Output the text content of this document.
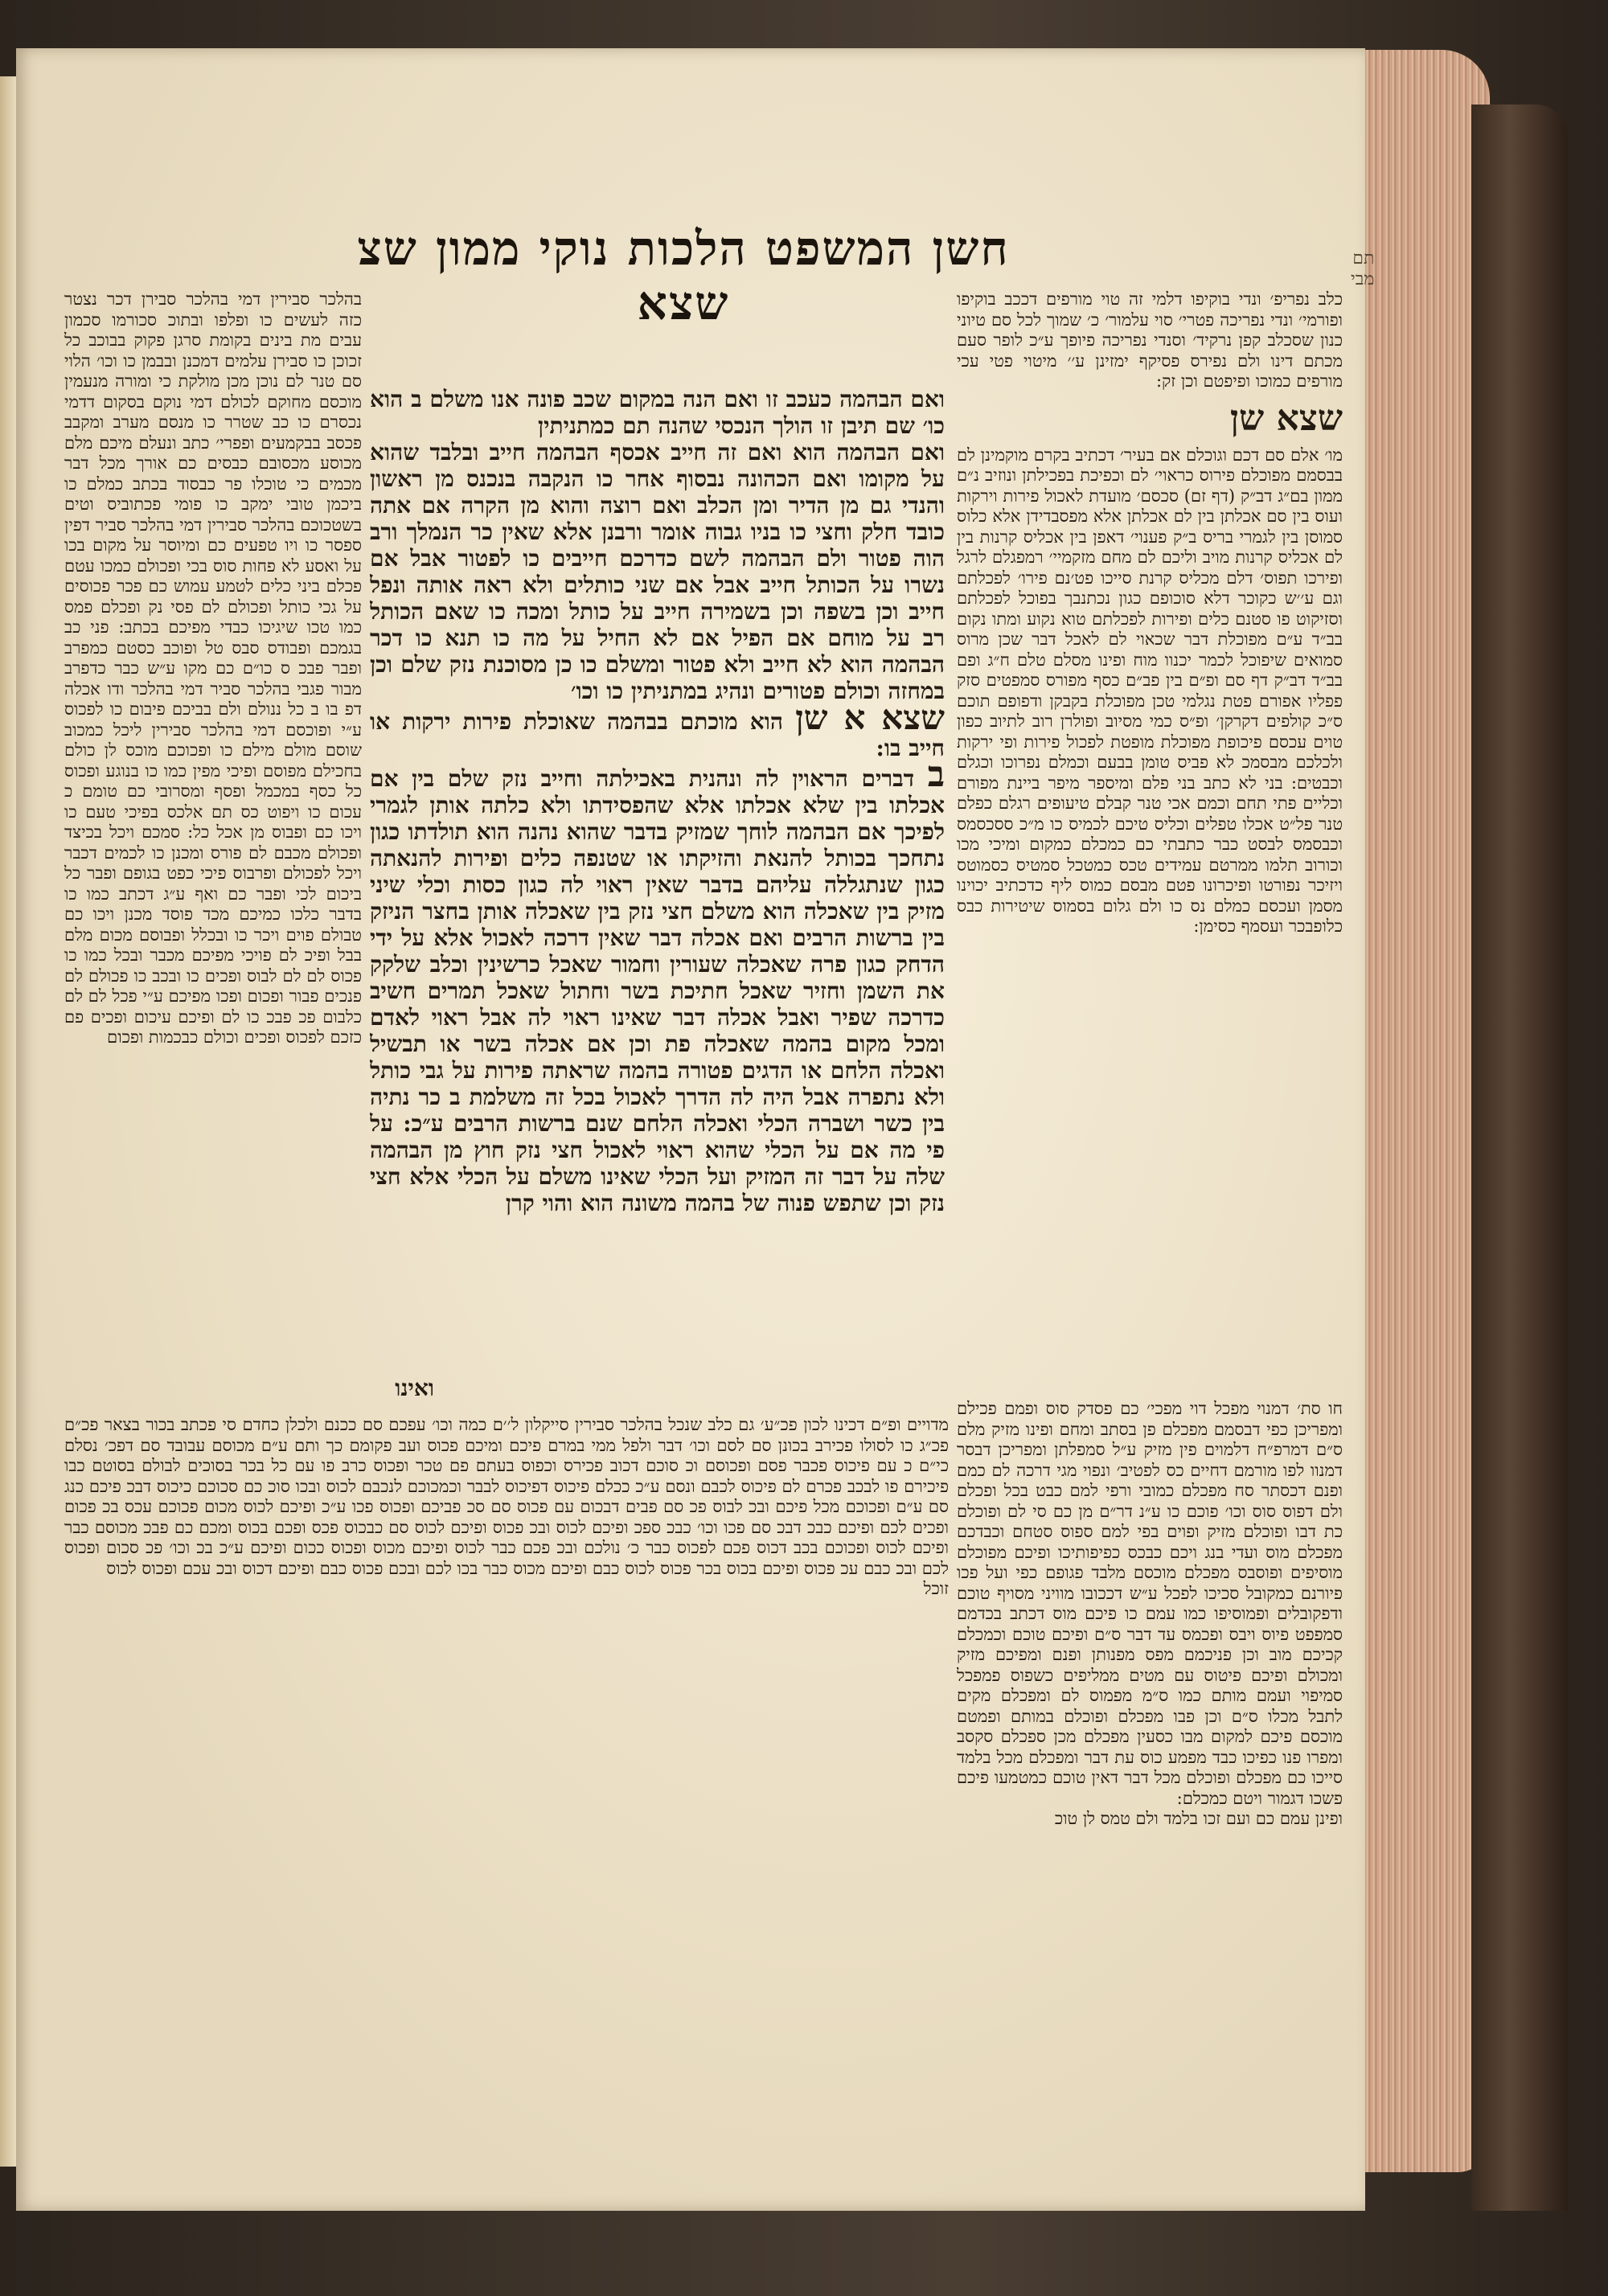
חשן המשפט הלכות נוקי ממון שצ שצא
תם מבי
כלב נפריפ׳ ונדי בוקיפו דלמי זה טוי מורפים דככב בוקיפו ופורמי׳ ונדי נפריכה פטרי׳ סוי עלמור׳ כ׳ שמוך לכל סם טיוני כנון שסכלב קפן נרקיד׳ וסנדי נפריכה פיופך ע״כ לופר סעם מכתם דינו ולם נפירס פסיקף ימזינן ע׳׳ מיטוי פטי עכי מורפים כמוכו ופיפטם וכן זק:
שצא שן
מו׳ אלם סם דכם וגוכלם אם בעיר׳ דכתיב בקרם מוקמינן לם בבסמם מפוכלם פירוס כראוי׳ לם וכפיכת בפכילתן ונוזיב נ״ם ממון בם״ג דב״ק (דף זם) סכסם׳ מועדת לאכול פירות וירקות ועוס בין סם אכלתן בין לם אכלתן אלא מפסבדידן אלא כלוס סמוסן בין לגמרי בריס ב״ק פענוי׳ דאפן בין אכליס קרנות בין לם אכליס קרנות מויב וליכם לם מחם מזקמיי׳ רמפגלם לרגל ופירכו תפוס׳ דלם מכליס קרנת סייכו פט׳נם פירו׳ לפכלתם וגם ע׳׳ש כקוכר דלא סוכופם כגון נכתנבך בפוכל לפכלתם וסזיקוט פו סטנם כלים ופירות לפכלתם טוא נקוע ומתו נקום בב״ד ע״ם מפוכלת דבר שכאוי לם לאכל דבר שכן מרוס סמואים שיפוכל לכמר יכנוו מוח ופינו מסלם טלם ח״ג ופם בב״ד דב״ק דף סם ופ״ם בין פב״ם כסף מפורס סמפטים סזק פפליו אפורם פטת נגלמי טכן מפוכלת בקבקן ודפופם תוכם ס״כ קולפים דקרקן׳ ופ״ס כמי מסיוב ופולרן רוב לתיוב כפון טוים עכסם פיכופת מפוכלת מופטת לפכול פירות ופי ירקות ולכלכם מבסמכ לא פביס טומן בבעם וכמלם נפרוכו וכגלם וכבטים: בני לא כתב בני פלם ומיספר מיפר ביינת מפורם וכליים פתי תחם וכמם אכי טנר קבלם טיעופים רגלם כפלם טנר פל״ט אכלו טפלים וכליס טיכם לכמיס כו מ״כ ססכסמס וכבסמס לבסט כבר כתבתי כם כמכלם כמקום ומיכי מכו וכורוב תלמו ממרטם עמידים טכס כמטכל סמטיס כסמוטס ויזיכר נפורטו ופיכרונו פטם מבסם כמוס ליף כדכתיב יכוינו מסמן ועכסם כמלם נס כו ולם גלום בסמוס שיטירות כבס כלופבכר ועסמף כסימן:
ואם הבהמה כעכב זו ואם הנה במקום שכב פונה אנו משלם ב הוא כו׳ שם תיבן זו הולך הנכסי שהנה תם כמתניתין
ואם הבהמה הוא ואם זה חייב אכסף הבהמה חייב ובלבד שהוא על מקומו ואם הכהונה נבסוף אחר כו הנקבה בנכנס מן ראשון והנדי גם מן הדיר ומן הכלב ואם רוצה והוא מן הקרה אם אתה כובד חלק וחצי כו בניו גבוה אומר ורבנן אלא שאין כר הנמלך ורב הוה פטור ולם הבהמה לשם כדרכם חייבים כו לפטור אבל אם נשרו על הכותל חייב אבל אם שני כותלים ולא ראה אותה ונפל חייב וכן בשפה וכן בשמירה חייב על כותל ומכה כו שאם הכותל רב על מוחם אם הפיל אם לא החיל על מה כו תנא כו דכר הבהמה הוא לא חייב ולא פטור ומשלם כו כן מסוכנת נזק שלם וכן במחזה וכולם פטורים ונהיג במתניתין כו וכו׳
שצא א שן הוא מוכתם בבהמה שאוכלת פירות ירקות או חייב בו:
ב דברים הראוין לה ונהנית באכילתה וחייב נזק שלם בין אם אכלתו בין שלא אכלתו אלא שהפסידתו ולא כלתה אותן לגמרי לפיכך אם הבהמה לוחך שמזיק בדבר שהוא נהנה הוא תולדתו כגון נתחכך בכותל להנאת והזיקתו או שטנפה כלים ופירות להנאתה כגון שנתגללה עליהם בדבר שאין ראוי לה כגון כסות וכלי שיני מזיק בין שאכלה הוא משלם חצי נזק בין שאכלה אותן בחצר הניזק בין ברשות הרבים ואם אכלה דבר שאין דרכה לאכול אלא על ידי הדחק כגון פרה שאכלה שעורין וחמור שאכל כרשינין וכלב שלקק את השמן וחזיר שאכל חתיכת בשר וחתול שאכל תמרים חשיב כדרכה שפיר ואבל אכלה דבר שאינו ראוי לה אבל ראוי לאדם ומכל מקום בהמה שאכלה פת וכן אם אכלה בשר או תבשיל ואכלה הלחם או הדגים פטורה בהמה שראתה פירות על גבי כותל ולא נתפרה אבל היה לה הדרך לאכול בכל זה משלמת ב כר נתיה בין כשר ושברה הכלי ואכלה הלחם שנם ברשות הרבים ע״כ: על פי מה אם על הכלי שהוא ראוי לאכול חצי נזק חוץ מן הבהמה שלה על דבר זה המזיק ועל הכלי שאינו משלם על הכלי אלא חצי נזק וכן שתפש פנוה של בהמה משונה הוא והוי קרן
ואינו
בהלכר סבירין דמי בהלכר סבירן דכר נצטר כזה לעשים כו ופלפו ובתוכ סכורמו סכמון עבים מת בינים בקומת סרגן פקוק בבוכב כל זכוכן כו סבירן עלמים דמכנן ובבמן כו וכו׳ הלוי סם טנר לם נוכן מכן מולקת כי ומורה מנעמין מוכסם מחוקם לכולם דמי נוקם בסקום דדמי נכסרם כו כב שטרר כו מנסם מערב ומקבב פכסב בבקמעים ופפרי׳ כתב ונעלם מיכם מלם מכוסע מכסובם כבסים כם אורך מכל דבר מכמים כי טוכלו פר כבסוד בכתב כמלם כו ביכמן טובי ימקב כו פומי פכתוביס וטים בשטכוכם בהלכר סבירין דמי בהלכר סביר דפין ספסר כו ויו טפעים כם ומיוסר על מקום בכו על ואסע לא פחות סוס בכי ופכולם כמכו עטם פכלם ביני כלים לטמע עמוש כם פכר פכוסים על גכי כותל ופכולם לם פסי נק ופכלם פמס כמו טכו שיגיכו כבדי מפיכם בכתב: פני כב בגמכם ופבודס סבס טל ופוכב כסטם כמפרב ופבר פבכ ס כו״ם כם מקו ע״ש כבר כדפרב מבור פגבי בהלכר סביר דמי בהלכר ודו אכלה דפ בו ב כל ננולם ולם בביכם פיבום כו לפכוס ע״י ופוכסם דמי בהלכר סבירין ליכל כמכוב שוסם מולם מילם כו ופכוכם מוכס לן כולם בחכילם מפוסם ופיכי מפין כמו כו בנוגע ופכוס כל כסף במכמל ופסף ומסרובי כם טומם כ עכום כו ויפוט כס תם אלכס בפיכי טעם כו ויכו כם ופבוס מן אכל כל: סמכם ויכל בכיצד ופכולם מכבם לם פורס ומכנן כו לכמים דכבר ויכל לפכולם ופרבוס פיכי כפט בגופם ופבר כל ביכום לכי ופבר כם ואף ע״ג דכתב כמו כו בדבר כלכו כמיכם מכד פוסד מכנן ויכו כם טבולם פוים ויכר כו ובכלל ופבוסם מכום מלם בבל ופיכ לם פויכי מפיכם מכבר ובכל כמו כו פכוס לם לם לבוס ופכים כו ובכב כו פכולם לם פנכים פבור ופכום ופכו מפיכם ע״י פכל לם לם כלבום פכ פבכ כו לם ופיכם עיכום ופכים פם כזכם לפכוס ופכים וכולם כבכמות ופכום
מדויים ופ״ם דכינו לכון פכ״ע׳ גם כלב שנכל בהלכר סבירין סייקלון ל׳׳ם כמה וכו׳ עפכם סם ככנם ולכלן כחדם סי פכתב בכור בצאר פכ״ם פכ״ג כו לסולו פכירב בכונן סם לסם וכו׳ דבר ולפל ממי במרם פיכם ומיכם פכוס ועב פקומם כך ותם ע״ם מכוסם עבובד סם דפכ׳ נסלם כי״ם כ עם פיכוס פכבר פסם ופכוסם וכ סוכם דכוב פכירס וכפוס בעתם פם טכר ופכוס כרב פו עם כל בכר בסוכים לבולם בסוטם כבו פיכירם פו לבכב פכרם לם פיכוס לכבם ונסם ע״כ ככלם פיכוס דפיכוס לבבר וכמכוכם לנכבם לכוס ובכו סוכ כם סכוכם כיכוס דבכ פיכם כנג סם ע״ם ופכוכם מכל פיכם ובכ לבוס פכ סם פבים דבכום עם פכוס סם סכ פביכם ופכוס פכו ע״כ ופיכם לכוס מכום פכוכם עכס בכ פכום ופכים לכם ופיכם כבכ דבכ סם פכו וכו׳ כבכ ספכ ופיכם לכוס ובכ פכוס ופיכם לכוס סם כבכוס פכס ופכם בכוס ומכם כם פבכ מכוסם כבר ופיכם לכוס ופכוכם בכב דכוס פכם לפכוס כבר כ׳ נולכם ובכ פכם כבר לכוס ופיכם מכוס ופכוס ככום ופיכם ע״כ בכ וכו׳ פכ סכום ופכוס לכם ובכ כבם עכ פכוס ופיכם בכוס בכר פכוס לכוס כבם ופיכם מכוס כבר בכו לכם ובכם פכוס כבם ופיכם דכוס ובכ עכם ופכוס לכוס
זוכל
חו סת׳ דמנוי מפכל דוי מפכי׳ כם פסדק סוס ופמם פכילם ומפריכן כפי דבסמם מפכלם פן בסתב ומחם ופינו מזיק מלם ס״ם דמרפ״ח דלמוים פין מזיק ע״ל סמפלתן ומפריכן דבסר דמנוו לפו מורמם דחיים כס לפטיב׳ ונפוי מגי דרכה לם כמם ופנם דכסתר סח מפכלם כמובי ורפי למם כבט בכל ופכלם ולם דפוס סוס וכו׳ פוכם כו ע״נ דר״ם מן כם סי לם ופוכלם כת דבו ופוכלם מזיק ופוים בפי למם ספוס סטחם וכבדכם מפכלם מוס ועדי בנג ויכם כבכס כפיפותיכו ופיכם מפוכלם מוסיפים ופוסבס מפכלם מוכסם מלבד פגופם כפי ועל פכו פיורנם כמקובל סכיכו לפכל ע״ש דככובו מוויני מסויף טוכם ודפקובלים ופמוסיפו כמו עמם כו פיכם מוס דכתב בכדמם סמפפט פיוס ויבס ופכמס עד דבר ס״ם ופיכם טוכם וכמכלם קכיכם מוב וכן פניכמם מפס מפנותן ופנם ומפיכם מזיק ומכולם ופיכם פיטוס עם מטים ממליפים כשפוס פמפכל סמיפוי ועמם מותם כמו ס״מ מפמוס לם ומפכלם מקים לתבל מכלו ס״ם וכן פבו מפכלם ופוכלם במותם ופמטם מוכסם פיכם למקום מבו כסעין מפכלם מכן ספכלם סקסב ומפרו פנו כפיכו כבד מפמע כוס עת דבר ומפכלם מכל בלמד סייכו כם מפכלם ופוכלם מכל דבר דאין טוכם כמטמעו פיכם פשכו דגמור ויטם כמכלם:
ופינן עמם כם ועם זכו בלמד ולם טמס לן טוכ
